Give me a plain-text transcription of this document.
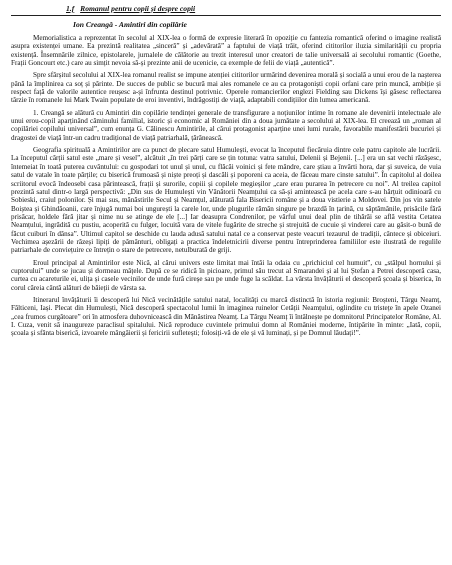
1.f Romanul pentru copii și despre copii
Ion Creangă - Amintiri din copilărie

Memorialistica a reprezentat în secolul al XIX-lea o formă de expresie literară în opoziție cu fantezia romantică oferind o imagine realistă asupra existenței umane. Ea prezintă realitatea „sinceră” și „adevărată” a faptului de viață trăit, oferind cititorilor iluzia similarității cu propria existență. Însemnările zilnice, epistolarele, jurnalele de călătorie au trezit interesul unor creatori de talie universală ai secolului romantic (Goethe, Frații Goncourt etc.) care au simțit nevoia să-și prezinte anii de ucenicie, ca exemple de felii de viață „autentică”.

Spre sfârșitul secolului al XIX-lea romanul realist se impune atenției cititorilor urmărind devenirea morală și socială a unui erou de la nașterea până la împlinirea ca soț și părinte. De succes de public se bucură mai ales romanele ce au ca protagoniști copii orfani care prin muncă, ambiție și respect față de valorile autentice reușesc a-și înfrunta destinul potrivnic. Operele romancierilor englezi Fielding sau Dickens își găsesc reflectarea târzie în romanele lui Mark Twain populate de eroi inventivi, îndrăgostiți de viață, adaptabili condițiilor din lumea americană.

1. Creangă se alătură cu Amintiri din copilărie tendinței generale de transfigurare a noțiunilor intime în romane ale devenirii intelectuale ale unui erou-copil aparținând căminului familial, istoric și economic al României din a doua jumătate a secolului al XIX-lea. El creează un „roman al copilăriei copilului universal”, cum enunța G. Călinescu Amintirile, al cărui protagonist aparține unei lumi rurale, favorabile manifestării bucuriei și dragostei de viață într-un cadru tradițional de viață patriarhală, țărănească.

Geografia spirituală a Amintirilor are ca punct de plecare satul Humulești, evocat la începutul fiecăruia dintre cele patru capitole ale lucrării. La începutul cărții satul este „mare și vesel”, alcătuit „în trei părți care se țin totuna: vatra satului, Delenii și Bejenii. [...] era un sat vechi răzășesc, întemeiat în toată puterea cuvântului: cu gospodari tot unul și unul, cu flăcăi voinici și fete mândre, care știau a învârti hora, dar și suveica, de vuia satul de vatale în toate părțile; cu biserică frumoasă și niște preoți și dascăli și poporeni ca aceia, de făceau mare cinste satului”. În capitolul al doilea scriitorul evocă îndeosebi casa părintească, frații și surorile, copiii și copilele megieșilor „care erau purarea în petrecere cu noi”. Al treilea capitol prezintă satul dintr-o largă perspectivă: „Din sus de Humulești vin Vânătorii Neamțului ca să-și amintească pe acela care s-au hărțuit odinioară cu Sobieski, craiul polonilor. Și mai sus, mănăstirile Secul și Neamțul, alăturată fala Bisericii române și a doua vistierie a Moldovei. Din jos vin satele Boiștea și Ghindăoanii, care înjugă numai boi ungurești la carele lor, unde plugurile rămân singure pe brazdă în țarină, cu săptămânile, prisăcile fără prisăcar, holdele fără jitar și nime nu se atinge de ele [...] Iar deasupra Condrenilor, pe vârful unui deal plin de tihărăi se află vestita Cetatea Neamțului, ingrădită cu pustiu, acoperită cu fulger, locuită vara de vitele fugărite de streche și strejuită de cucuie și vinderei care au găsit-o bună de făcut cuiburi în dânsa”. Ultimul capitol se deschide cu lauda adusă satului natal ce a conservat peste veacuri tezaurul de tradiții, cântece și obiceiuri. Vechimea așezării de răzeși lipiți de pământuri, obligați a practica îndeletnicirii diverse pentru întreprinderea familiilor este ilustrată de regulile patriarhale de conviețuire ce întrețin o stare de petrecere, netulburată de griji.

Eroul principal al Amintirilor este Nică, al cărui univers este limitat mai întâi la odaia cu „prichiciul cel humuit”, cu „stâlpul hornului și cuptorului” unde se jucau și dormeau mâțele. După ce se ridică în picioare, primul său trecut al Smarandei și al lui Ștefan a Petrei descoperă casa, curtea cu acareturile ei, ulița și casele vecinilor de unde fură cireșe sau pe unde fuge la scăldat. La vârsta învățăturii el descoperă școala și biserica, în corul căreia cântă alături de băieții de vârsta sa.

Itinerarul învățăturii îi descoperă lui Nică vecinătățile satului natal, localități cu marcă distinctă în istoria regiunii: Broșteni, Târgu Neamț, Fălticeni, Iași. Plecat din Humulești, Nică descoperă spectacolul lumii în imaginea ruinelor Cetății Neamțului, oglindite cu tristețe în apele Ozanei „cea frumos curgătoare” ori în atmosfera duhovnicească din Mănăstirea Neamț. La Târgu Neamț îi întâlnește pe domnitorul Principatelor Române, Al. I. Cuza, venit să inaugureze paraclisul spitalului. Nică reproduce cuvintele primului domn al României moderne, întipărite în minte: „Iată, copii, școala și sfânta biserică, izvoarele mângâierii și fericirii sufletești; folosiți-vă de ele și vă luminați, și pe Domnul lăudați!”.
